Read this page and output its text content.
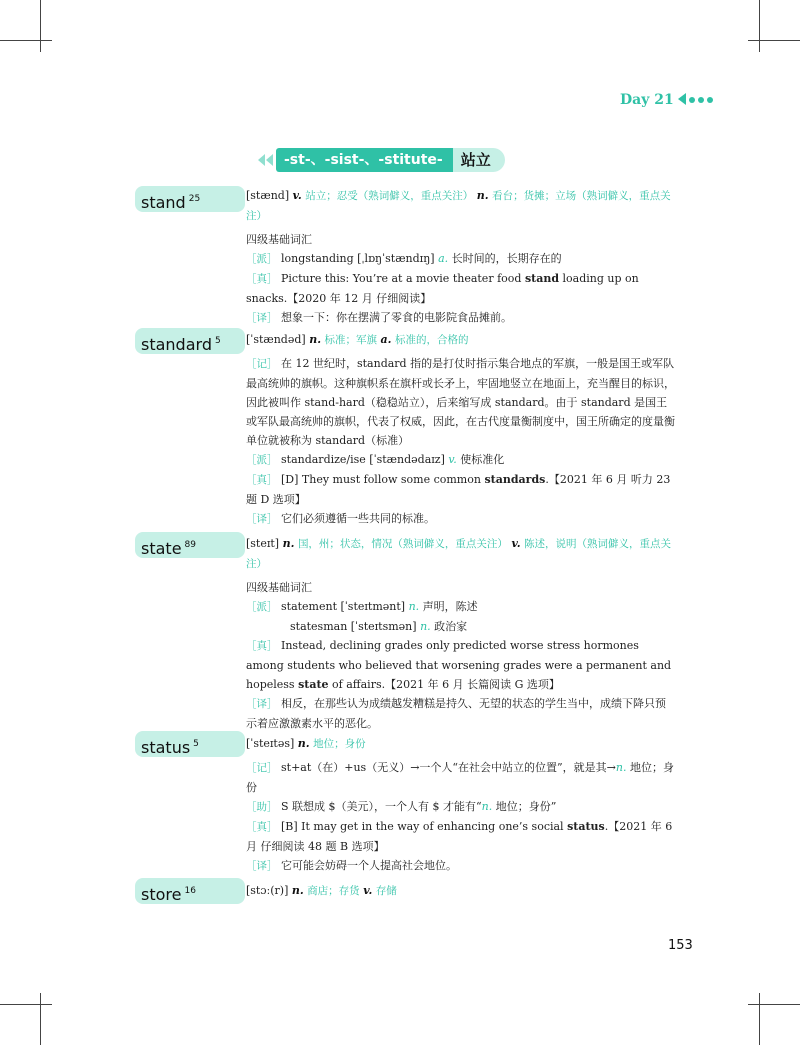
Day 21
-st-、-sist-、-stitute-	站立
stand $^{25}$	[stænd] v. 站立；忍受（熟词僻义，重点关注） n. 看台；货摊；立场（熟词僻义，重点关注）

四级基础词汇

［派］ longstanding [ˌlɒŋˈstændɪŋ] a. 长时间的，长期存在的

［真］ Picture this: You’re at a movie theater food stand loading up on snacks.【2020 年 12 月 仔细阅读】

［译］ 想象一下：你在摆满了零食的电影院食品摊前。

standard $^5$	[ˈstændəd] n. 标准；军旗 a. 标准的，合格的

［记］ 在 12 世纪时，standard 指的是打仗时指示集合地点的军旗，一般是国王或军队最高统帅的旗帜。这种旗帜系在旗杆或长矛上，牢固地竖立在地面上，充当醒目的标识，因此被叫作 stand-hard（稳稳站立），后来缩写成 standard。由于 standard 是国王或军队最高统帅的旗帜，代表了权威，因此，在古代度量衡制度中，国王所确定的度量衡单位就被称为 standard（标准）

［派］ standardize/ise [ˈstændədaɪz] v. 使标准化

［真］ [D] They must follow some common standards.【2021 年 6 月 听力 23 题 D 选项】

［译］ 它们必须遵循一些共同的标准。

state $^{89}$	[steɪt] n. 国，州；状态，情况（熟词僻义，重点关注） v. 陈述，说明（熟词僻义，重点关注）

四级基础词汇

［派］ statement [ˈsteɪtmənt] n. 声明，陈述

statesman [ˈsteɪtsmən] n. 政治家

［真］ Instead, declining grades only predicted worse stress hormones among students who believed that worsening grades were a permanent and hopeless state of affairs.【2021 年 6 月 长篇阅读 G 选项】

［译］ 相反，在那些认为成绩越发糟糕是持久、无望的状态的学生当中，成绩下降只预示着应激激素水平的恶化。

status $^5$	[ˈsteɪtəs] n. 地位；身份

［记］ st+at（在）+us（无义）→一个人“在社会中站立的位置”，就是其→n. 地位；身份

［助］ S 联想成 $（美元），一个人有 $ 才能有“n. 地位；身份”

［真］ [B] It may get in the way of enhancing one’s social status.【2021 年 6 月 仔细阅读 48 题 B 选项】

［译］ 它可能会妨碍一个人提高社会地位。

store $^{16}$	[stɔː(r)] n. 商店；存货 v. 存储

153
